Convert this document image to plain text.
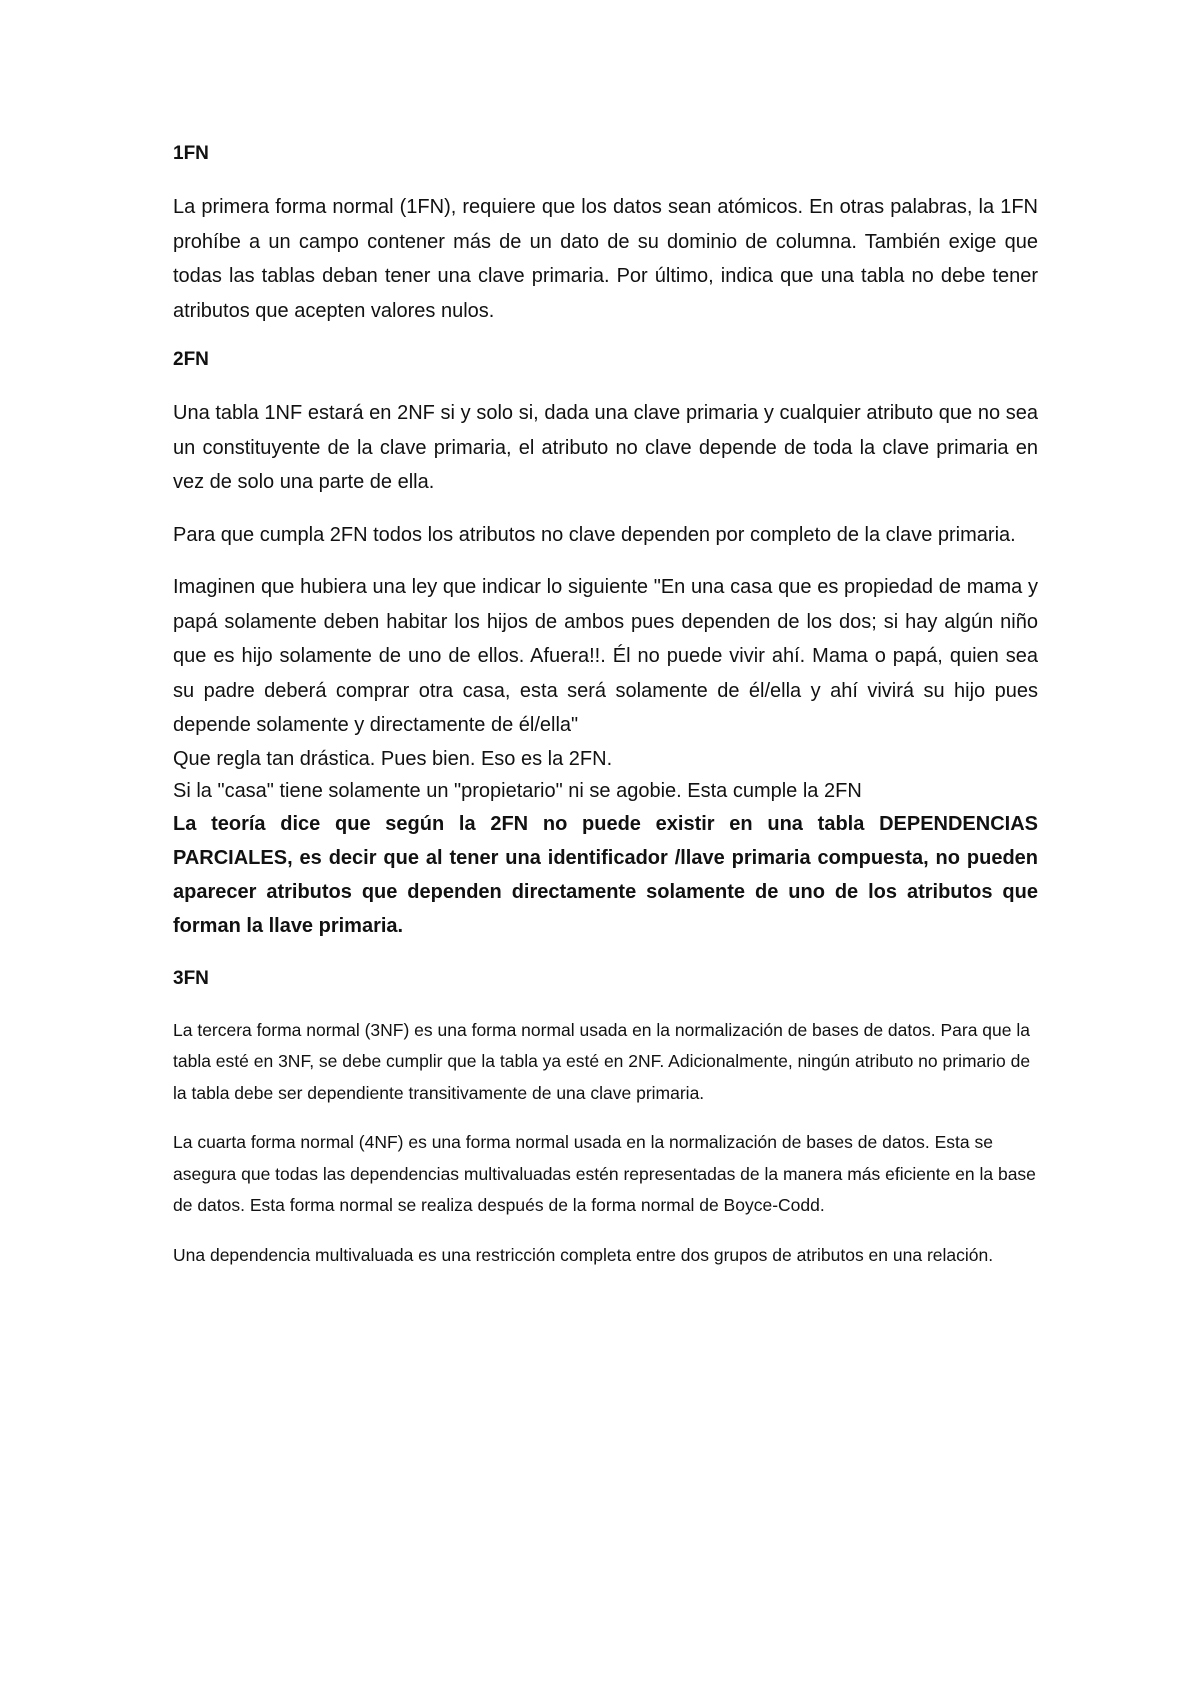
1FN

La primera forma normal (1FN), requiere que los datos sean atómicos. En otras palabras, la 1FN prohíbe a un campo contener más de un dato de su dominio de columna. También exige que todas las tablas deban tener una clave primaria. Por último, indica que una tabla no debe tener atributos que acepten valores nulos.

2FN

Una tabla 1NF estará en 2NF si y solo si, dada una clave primaria y cualquier atributo que no sea un constituyente de la clave primaria, el atributo no clave depende de toda la clave primaria en vez de solo una parte de ella.

Para que cumpla 2FN todos los atributos no clave dependen por completo de la clave primaria.

Imaginen que hubiera una ley que indicar lo siguiente "En una casa que es propiedad de mama y papá solamente deben habitar los hijos de ambos pues dependen de los dos; si hay algún niño que es hijo solamente de uno de ellos. Afuera!!. Él no puede vivir ahí. Mama o papá, quien sea su padre deberá comprar otra casa, esta será solamente de él/ella y ahí vivirá su hijo pues depende solamente y directamente de él/ella"

Que regla tan drástica. Pues bien. Eso es la 2FN.
Si la "casa" tiene solamente un "propietario" ni se agobie. Esta cumple la 2FN

La teoría dice que según la 2FN no puede existir en una tabla DEPENDENCIAS PARCIALES, es decir que al tener una identificador /llave primaria compuesta, no pueden aparecer atributos que dependen directamente solamente de uno de los atributos que forman la llave primaria.

3FN

La tercera forma normal (3NF) es una forma normal usada en la normalización de bases de datos. Para que la tabla esté en 3NF, se debe cumplir que la tabla ya esté en 2NF. Adicionalmente, ningún atributo no primario de la tabla debe ser dependiente transitivamente de una clave primaria.

La cuarta forma normal (4NF) es una forma normal usada en la normalización de bases de datos. Esta se asegura que todas las dependencias multivaluadas estén representadas de la manera más eficiente en la base de datos. Esta forma normal se realiza después de la forma normal de Boyce-Codd.

Una dependencia multivaluada es una restricción completa entre dos grupos de atributos en una relación.
